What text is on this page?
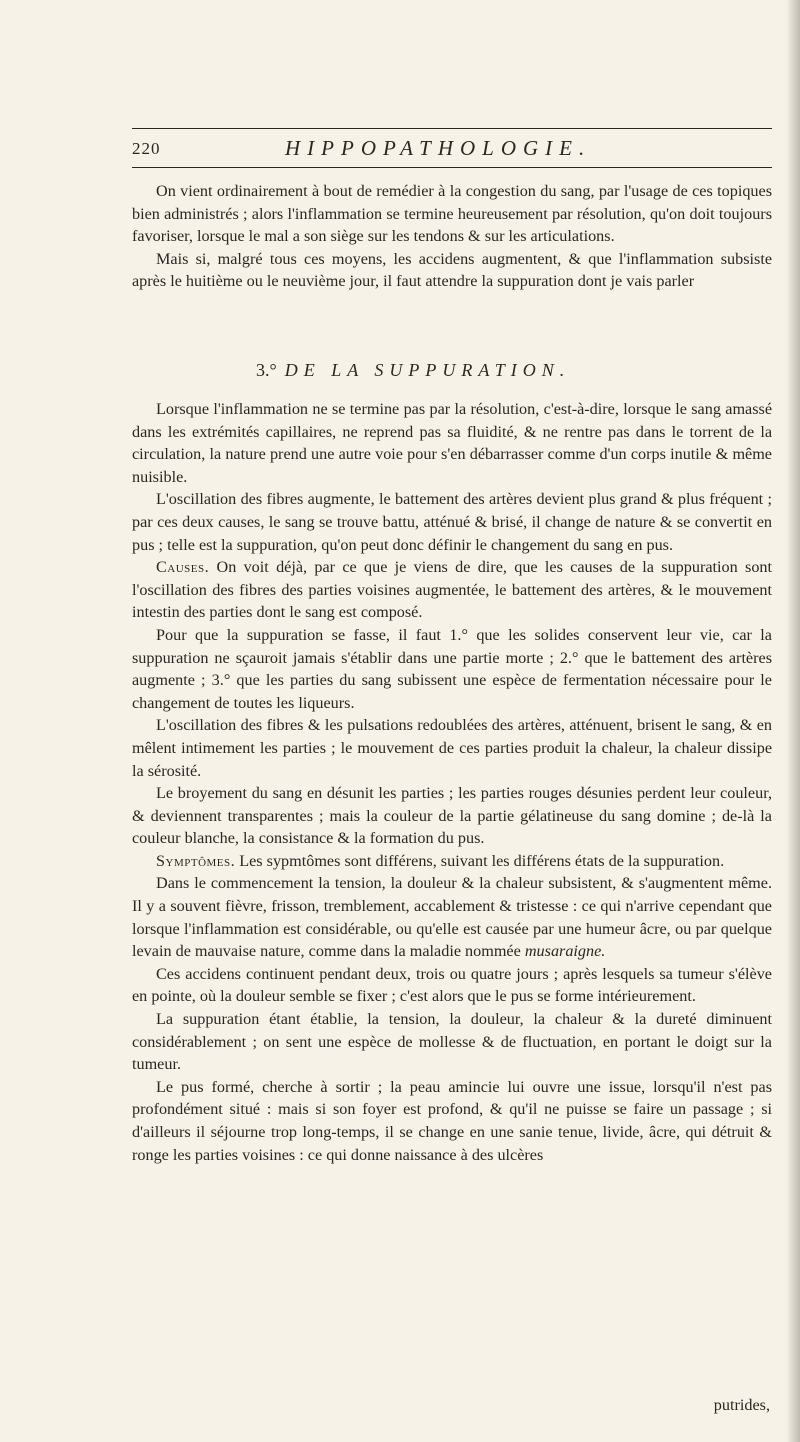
220	HIPPOPATHOLOGIE.

On vient ordinairement à bout de remédier à la congestion du sang, par l'usage de ces topiques bien administrés ; alors l'inflammation se termine heureusement par résolution, qu'on doit toujours favoriser, lorsque le mal a son siège sur les tendons & sur les articulations.

Mais si, malgré tous ces moyens, les accidens augmentent, & que l'inflammation subsiste après le huitième ou le neuvième jour, il faut attendre la suppuration dont je vais parler

3.° DE LA SUPPURATION.

Lorsque l'inflammation ne se termine pas par la résolution, c'est-à-dire, lorsque le sang amassé dans les extrémités capillaires, ne reprend pas sa fluidité, & ne rentre pas dans le torrent de la circulation, la nature prend une autre voie pour s'en débarrasser comme d'un corps inutile & même nuisible.

L'oscillation des fibres augmente, le battement des artères devient plus grand & plus fréquent ; par ces deux causes, le sang se trouve battu, atténué & brisé, il change de nature & se convertit en pus ; telle est la suppuration, qu'on peut donc définir le changement du sang en pus.

Causes. On voit déjà, par ce que je viens de dire, que les causes de la suppuration sont l'oscillation des fibres des parties voisines augmentée, le battement des artères, & le mouvement intestin des parties dont le sang est composé.

Pour que la suppuration se fasse, il faut 1.° que les solides conservent leur vie, car la suppuration ne sçauroit jamais s'établir dans une partie morte ; 2.° que le battement des artères augmente ; 3.° que les parties du sang subissent une espèce de fermentation nécessaire pour le changement de toutes les liqueurs.

L'oscillation des fibres & les pulsations redoublées des artères, atténuent, brisent le sang, & en mêlent intimement les parties ; le mouvement de ces parties produit la chaleur, la chaleur dissipe la sérosité.

Le broyement du sang en désunit les parties ; les parties rouges désunies perdent leur couleur, & deviennent transparentes ; mais la couleur de la partie gélatineuse du sang domine ; de-là la couleur blanche, la consistance & la formation du pus.

Symptômes. Les sypmtômes sont différens, suivant les différens états de la suppuration.

Dans le commencement la tension, la douleur & la chaleur subsistent, & s'augmentent même. Il y a souvent fièvre, frisson, tremblement, accablement & tristesse : ce qui n'arrive cependant que lorsque l'inflammation est considérable, ou qu'elle est causée par une humeur âcre, ou par quelque levain de mauvaise nature, comme dans la maladie nommée musaraigne.

Ces accidens continuent pendant deux, trois ou quatre jours ; après lesquels sa tumeur s'élève en pointe, où la douleur semble se fixer ; c'est alors que le pus se forme intérieurement.

La suppuration étant établie, la tension, la douleur, la chaleur & la dureté diminuent considérablement ; on sent une espèce de mollesse & de fluctuation, en portant le doigt sur la tumeur.

Le pus formé, cherche à sortir ; la peau amincie lui ouvre une issue, lorsqu'il n'est pas profondément situé : mais si son foyer est profond, & qu'il ne puisse se faire un passage ; si d'ailleurs il séjourne trop long-temps, il se change en une sanie tenue, livide, âcre, qui détruit & ronge les parties voisines : ce qui donne naissance à des ulcères

putrides,
